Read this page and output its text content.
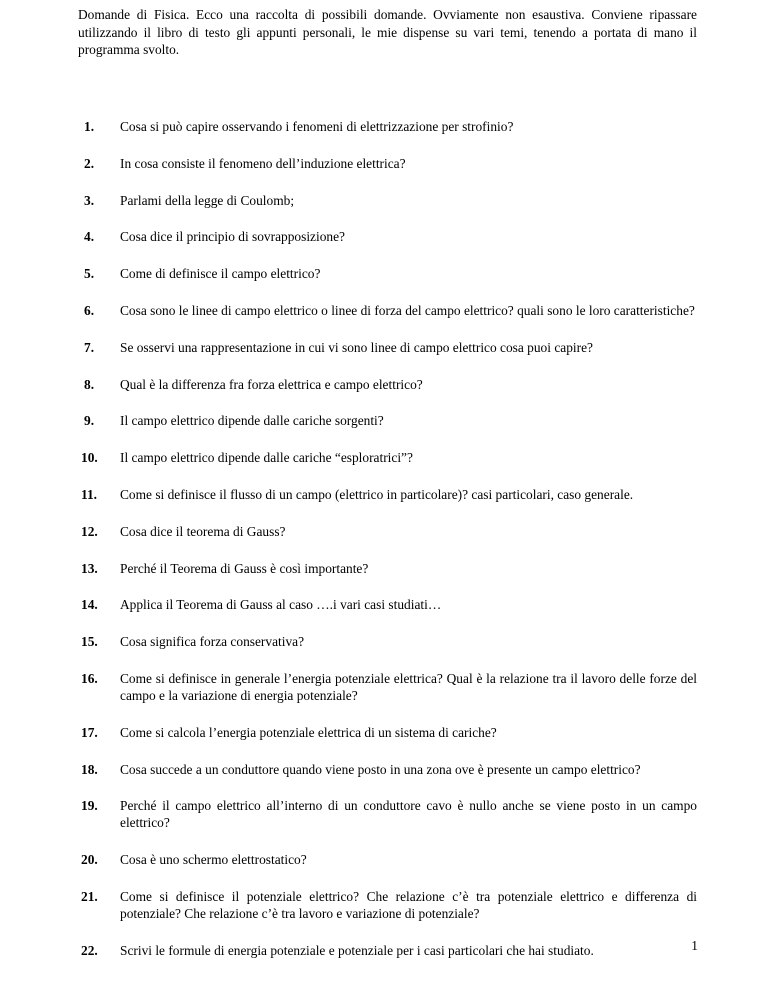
Domande di Fisica. Ecco una raccolta di possibili domande. Ovviamente non esaustiva. Conviene ripassare utilizzando il libro di testo gli appunti personali, le mie dispense su vari temi, tenendo a portata di mano il programma svolto.

1. Cosa si può capire osservando i fenomeni di elettrizzazione per strofinio?
2. In cosa consiste il fenomeno dell’induzione elettrica?
3. Parlami della legge di Coulomb;
4. Cosa dice il principio di sovrapposizione?
5. Come di definisce il campo elettrico?
6. Cosa sono le linee di campo elettrico o linee di forza del campo elettrico? quali sono le loro caratteristiche?
7. Se osservi una rappresentazione in cui vi sono linee di campo elettrico cosa puoi capire?
8. Qual è la differenza fra forza elettrica e campo elettrico?
9. Il campo elettrico dipende dalle cariche sorgenti?
10. Il campo elettrico dipende dalle cariche “esploratrici”?
11. Come si definisce il flusso di un campo (elettrico in particolare)? casi particolari, caso generale.
12. Cosa dice il teorema di Gauss?
13. Perché il Teorema di Gauss è così importante?
14. Applica il Teorema di Gauss al caso ….i vari casi studiati…
15. Cosa significa forza conservativa?
16. Come si definisce in generale l’energia potenziale elettrica? Qual è la relazione tra il lavoro delle forze del campo e la variazione di energia potenziale?
17. Come si calcola l’energia potenziale elettrica di un sistema di cariche?
18. Cosa succede a un conduttore quando viene posto in una zona ove è presente un campo elettrico?
19. Perché il campo elettrico all’interno di un conduttore cavo è nullo anche se viene posto in un campo elettrico?
20. Cosa è uno schermo elettrostatico?
21. Come si definisce il potenziale elettrico? Che relazione c’è tra potenziale elettrico e differenza di potenziale? Che relazione c’è tra lavoro e variazione di potenziale?
22. Scrivi le formule di energia potenziale e potenziale per i casi particolari che hai studiato.	1
